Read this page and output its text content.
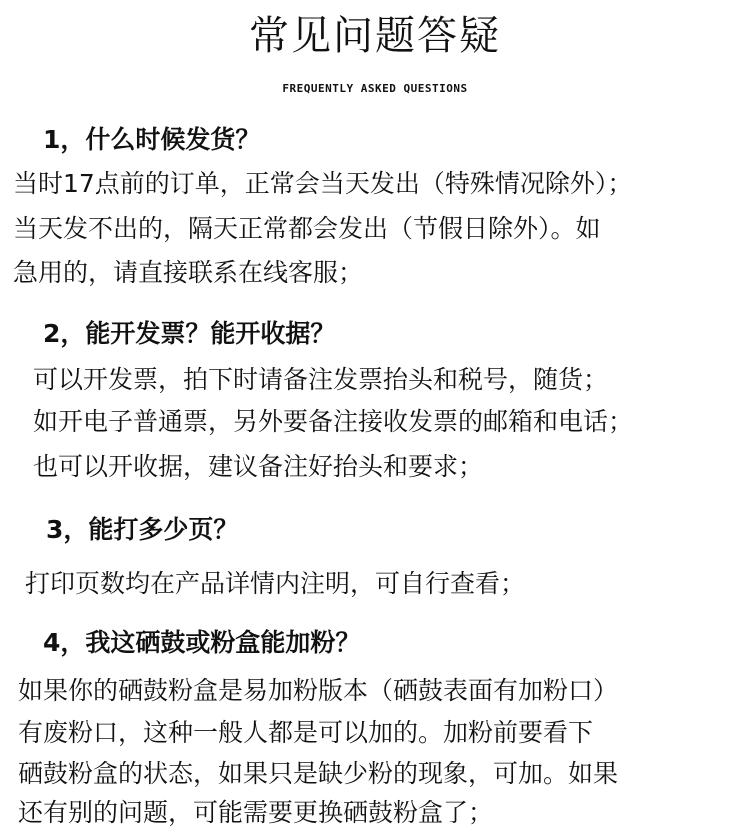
常见问题答疑
FREQUENTLY ASKED QUESTIONS
1，什么时候发货？
当时17点前的订单，正常会当天发出（特殊情况除外）；
当天发不出的，隔天正常都会发出（节假日除外）。如
急用的，请直接联系在线客服；
2，能开发票？能开收据？
可以开发票，拍下时请备注发票抬头和税号，随货；
如开电子普通票，另外要备注接收发票的邮箱和电话；
也可以开收据，建议备注好抬头和要求；
3，能打多少页？
打印页数均在产品详情内注明，可自行查看；
4，我这硒鼓或粉盒能加粉？
如果你的硒鼓粉盒是易加粉版本（硒鼓表面有加粉口）
有废粉口，这种一般人都是可以加的。加粉前要看下
硒鼓粉盒的状态，如果只是缺少粉的现象，可加。如果
还有别的问题，可能需要更换硒鼓粉盒了；
